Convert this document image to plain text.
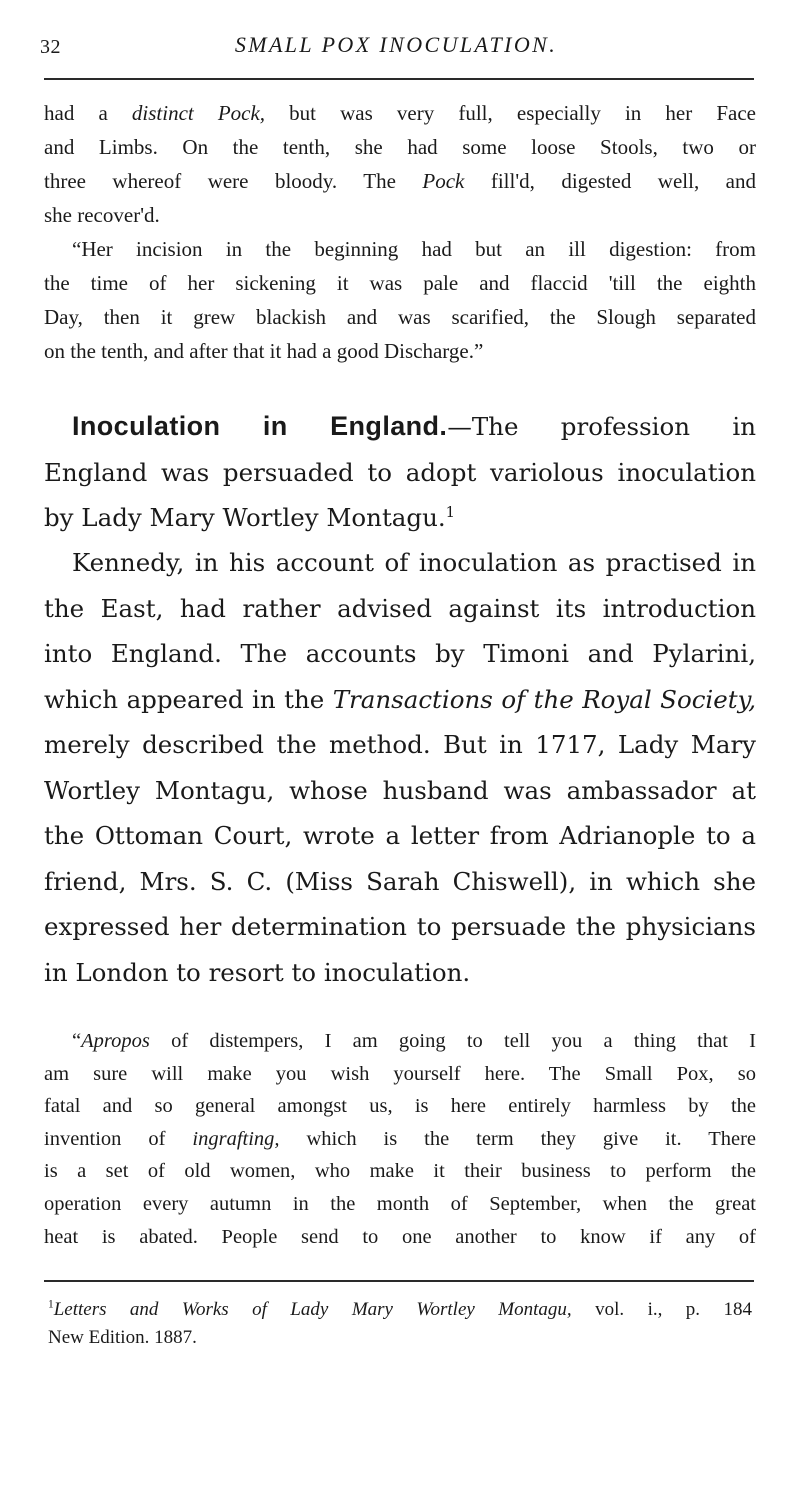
32	SMALL POX INOCULATION.

had a distinct Pock, but was very full, especially in her Face
and Limbs. On the tenth, she had some loose Stools, two or
three whereof were bloody. The Pock fill'd, digested well, and
she recover'd.

“Her incision in the beginning had but an ill digestion: from
the time of her sickening it was pale and flaccid 'till the eighth
Day, then it grew blackish and was scarified, the Slough separated
on the tenth, and after that it had a good Discharge.”

Inoculation in England.—The profession in
England was persuaded to adopt variolous inoculation
by Lady Mary Wortley Montagu.$^1$

Kennedy, in his account of inoculation as practised in
the East, had rather advised against its introduction
into England. The accounts by Timoni and Pylarini,
which appeared in the Transactions of the Royal Society,
merely described the method. But in 1717, Lady Mary
Wortley Montagu, whose husband was ambassador at
the Ottoman Court, wrote a letter from Adrianople to a
friend, Mrs. S. C. (Miss Sarah Chiswell), in which she
expressed her determination to persuade the physicians
in London to resort to inoculation.

“Apropos of distempers, I am going to tell you a thing that I
am sure will make you wish yourself here. The Small Pox, so
fatal and so general amongst us, is here entirely harmless by the
invention of ingrafting, which is the term they give it. There
is a set of old women, who make it their business to perform the
operation every autumn in the month of September, when the great
heat is abated. People send to one another to know if any of

$^1$Letters and Works of Lady Mary Wortley Montagu, vol. i., p. 184
New Edition. 1887.
